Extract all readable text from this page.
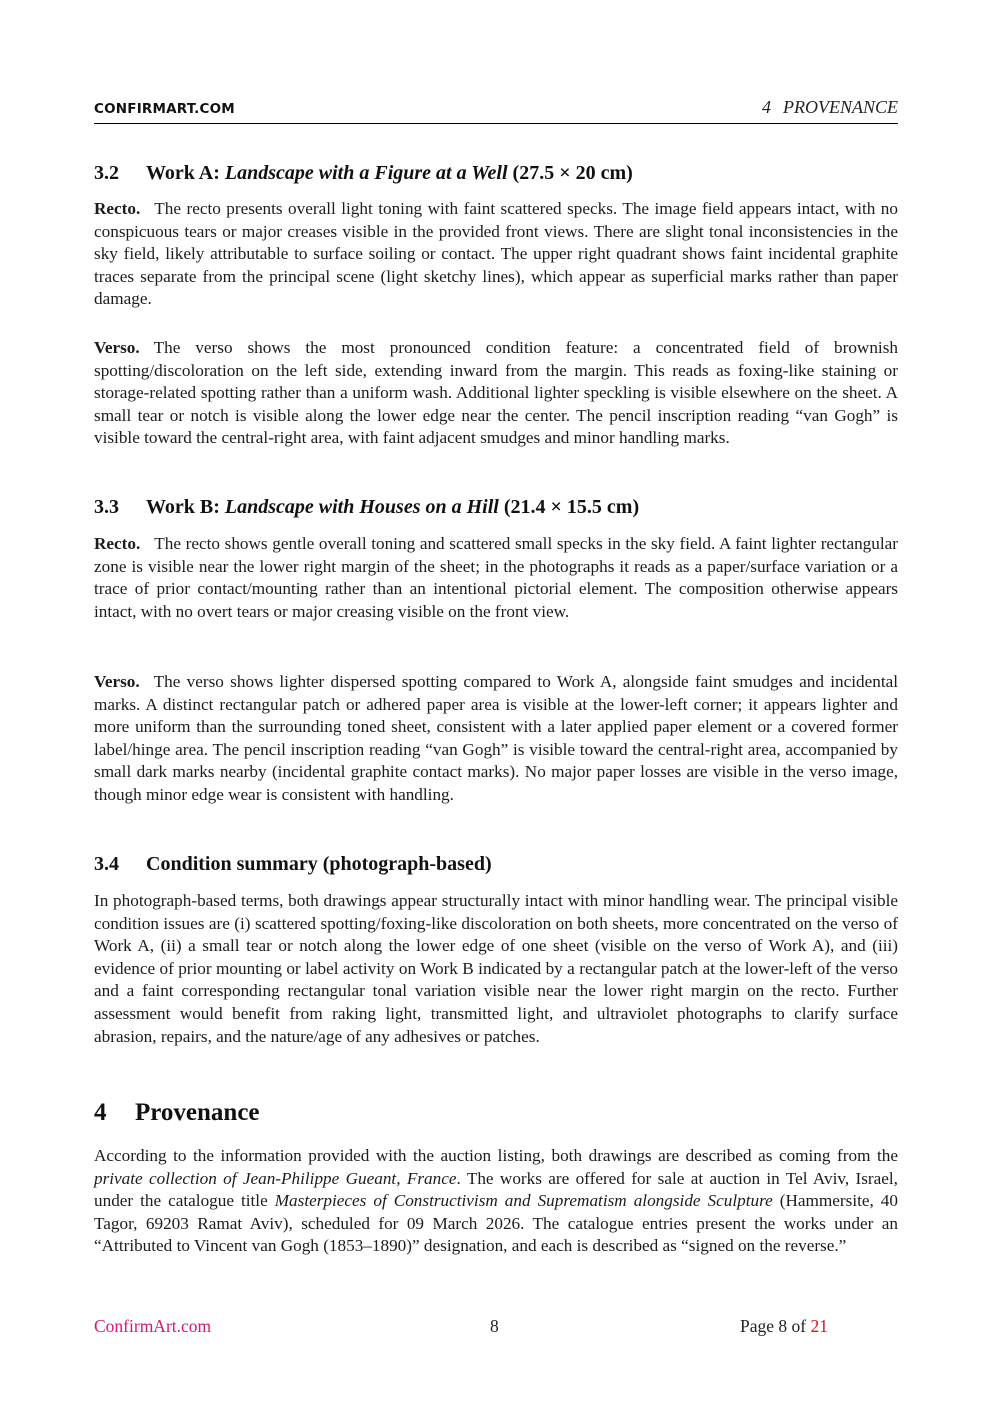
CONFIRMART.COM	4 PROVENANCE
3.2 Work A: Landscape with a Figure at a Well (27.5 × 20 cm)

Recto. The recto presents overall light toning with faint scattered specks. The image field appears intact, with no conspicuous tears or major creases visible in the provided front views. There are slight tonal inconsistencies in the sky field, likely attributable to surface soiling or contact. The upper right quadrant shows faint incidental graphite traces separate from the principal scene (light sketchy lines), which appear as superficial marks rather than paper damage.

Verso. The verso shows the most pronounced condition feature: a concentrated field of brownish spotting/discoloration on the left side, extending inward from the margin. This reads as foxing-like staining or storage-related spotting rather than a uniform wash. Additional lighter speckling is visible elsewhere on the sheet. A small tear or notch is visible along the lower edge near the center. The pencil inscription reading “van Gogh” is visible toward the central-right area, with faint adjacent smudges and minor handling marks.

3.3 Work B: Landscape with Houses on a Hill (21.4 × 15.5 cm)

Recto. The recto shows gentle overall toning and scattered small specks in the sky field. A faint lighter rectangular zone is visible near the lower right margin of the sheet; in the photographs it reads as a paper/surface variation or a trace of prior contact/mounting rather than an intentional pictorial element. The composition otherwise appears intact, with no overt tears or major creasing visible on the front view.

Verso. The verso shows lighter dispersed spotting compared to Work A, alongside faint smudges and incidental marks. A distinct rectangular patch or adhered paper area is visible at the lower-left corner; it appears lighter and more uniform than the surrounding toned sheet, consistent with a later applied paper element or a covered former label/hinge area. The pencil inscription reading “van Gogh” is visible toward the central-right area, accompanied by small dark marks nearby (incidental graphite contact marks). No major paper losses are visible in the verso image, though minor edge wear is consistent with handling.

3.4 Condition summary (photograph-based)

In photograph-based terms, both drawings appear structurally intact with minor handling wear. The principal visible condition issues are (i) scattered spotting/foxing-like discoloration on both sheets, more concentrated on the verso of Work A, (ii) a small tear or notch along the lower edge of one sheet (visible on the verso of Work A), and (iii) evidence of prior mounting or label activity on Work B indicated by a rectangular patch at the lower-left of the verso and a faint corresponding rectangular tonal variation visible near the lower right margin on the recto. Further assessment would benefit from raking light, transmitted light, and ultraviolet photographs to clarify surface abrasion, repairs, and the nature/age of any adhesives or patches.

4 Provenance

According to the information provided with the auction listing, both drawings are described as coming from the private collection of Jean-Philippe Gueant, France. The works are offered for sale at auction in Tel Aviv, Israel, under the catalogue title Masterpieces of Constructivism and Suprematism alongside Sculpture (Hammersite, 40 Tagor, 69203 Ramat Aviv), scheduled for 09 March 2026. The catalogue entries present the works under an “Attributed to Vincent van Gogh (1853–1890)” designation, and each is described as “signed on the reverse.”

ConfirmArt.com	8	Page 8 of 21
